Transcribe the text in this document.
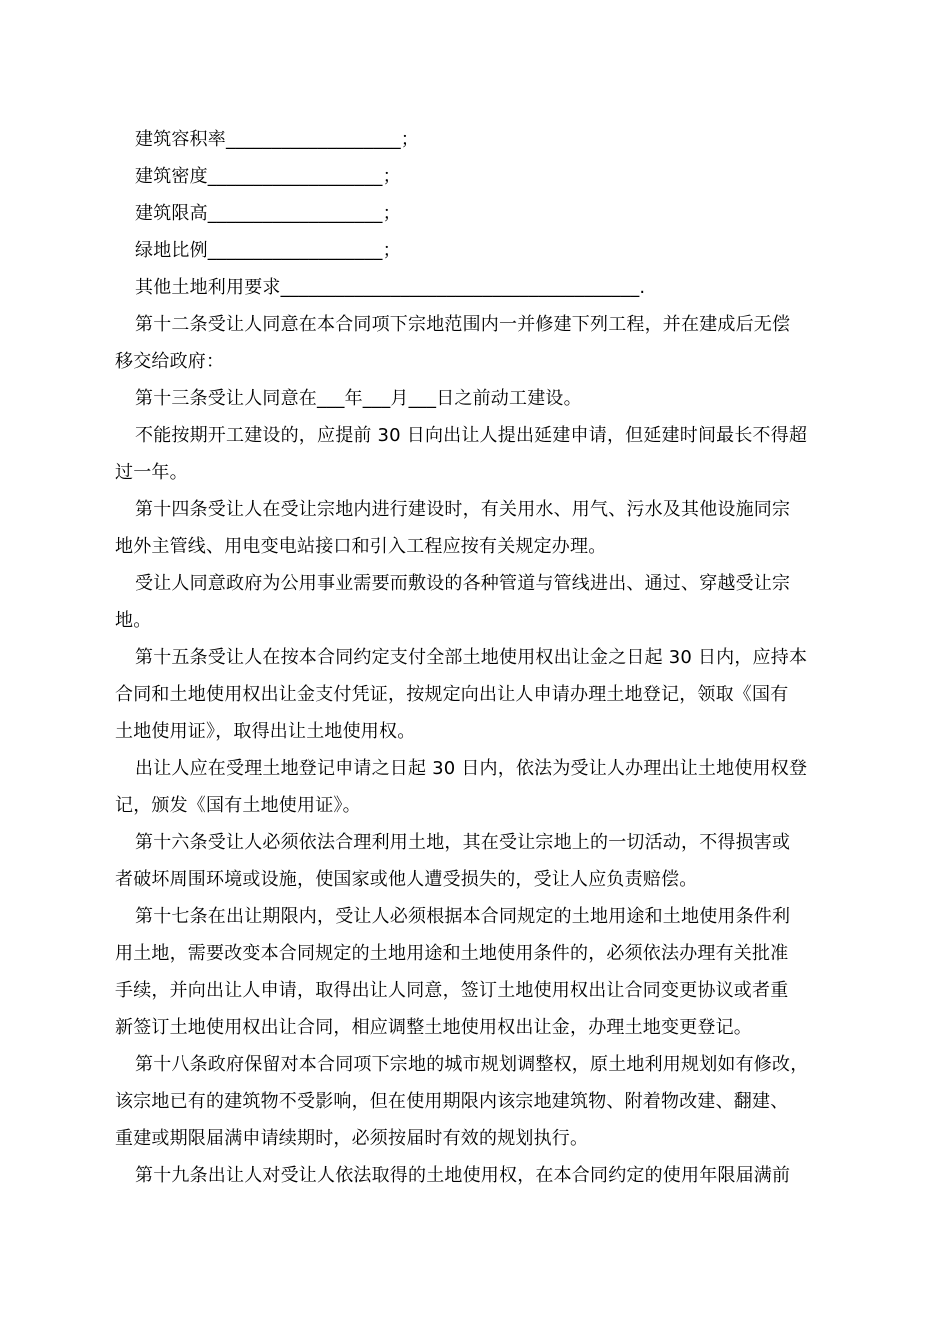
建筑容积率___________________；
建筑密度___________________；
建筑限高___________________；
绿地比例___________________；
其他土地利用要求_______________________________________.
第十二条受让人同意在本合同项下宗地范围内一并修建下列工程，并在建成后无偿
移交给政府：
第十三条受让人同意在___年___月___日之前动工建设。
不能按期开工建设的，应提前 30 日向出让人提出延建申请，但延建时间最长不得超
过一年。
第十四条受让人在受让宗地内进行建设时，有关用水、用气、污水及其他设施同宗
地外主管线、用电变电站接口和引入工程应按有关规定办理。
受让人同意政府为公用事业需要而敷设的各种管道与管线进出、通过、穿越受让宗
地。
第十五条受让人在按本合同约定支付全部土地使用权出让金之日起 30 日内，应持本
合同和土地使用权出让金支付凭证，按规定向出让人申请办理土地登记，领取《国有
土地使用证》，取得出让土地使用权。
出让人应在受理土地登记申请之日起 30 日内，依法为受让人办理出让土地使用权登
记，颁发《国有土地使用证》。
第十六条受让人必须依法合理利用土地，其在受让宗地上的一切活动，不得损害或
者破坏周围环境或设施，使国家或他人遭受损失的，受让人应负责赔偿。
第十七条在出让期限内，受让人必须根据本合同规定的土地用途和土地使用条件利
用土地，需要改变本合同规定的土地用途和土地使用条件的，必须依法办理有关批准
手续，并向出让人申请，取得出让人同意，签订土地使用权出让合同变更协议或者重
新签订土地使用权出让合同，相应调整土地使用权出让金，办理土地变更登记。
第十八条政府保留对本合同项下宗地的城市规划调整权，原土地利用规划如有修改，
该宗地已有的建筑物不受影响，但在使用期限内该宗地建筑物、附着物改建、翻建、
重建或期限届满申请续期时，必须按届时有效的规划执行。
第十九条出让人对受让人依法取得的土地使用权，在本合同约定的使用年限届满前
